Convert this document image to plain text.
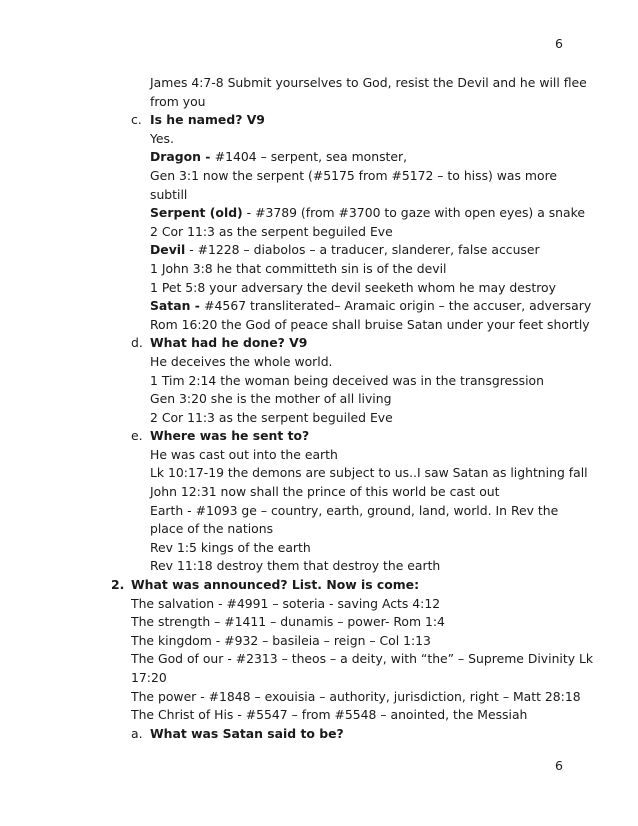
6
James 4:7-8 Submit yourselves to God, resist the Devil and he will flee
from you
c. Is he named? V9
Yes.
Dragon - #1404 – serpent, sea monster,
Gen 3:1 now the serpent (#5175 from #5172 – to hiss) was more
subtill
Serpent (old) - #3789 (from #3700 to gaze with open eyes) a snake
2 Cor 11:3 as the serpent beguiled Eve
Devil - #1228 – diabolos – a traducer, slanderer, false accuser
1 John 3:8 he that committeth sin is of the devil
1 Pet 5:8 your adversary the devil seeketh whom he may destroy
Satan - #4567 transliterated– Aramaic origin – the accuser, adversary
Rom 16:20 the God of peace shall bruise Satan under your feet shortly
d. What had he done? V9
He deceives the whole world.
1 Tim 2:14 the woman being deceived was in the transgression
Gen 3:20 she is the mother of all living
2 Cor 11:3 as the serpent beguiled Eve
e. Where was he sent to?
He was cast out into the earth
Lk 10:17-19 the demons are subject to us..I saw Satan as lightning fall
John 12:31 now shall the prince of this world be cast out
Earth - #1093 ge – country, earth, ground, land, world. In Rev the
place of the nations
Rev 1:5 kings of the earth
Rev 11:18 destroy them that destroy the earth
2. What was announced? List. Now is come:
The salvation - #4991 – soteria - saving Acts 4:12
The strength – #1411 – dunamis – power- Rom 1:4
The kingdom - #932 – basileia – reign – Col 1:13
The God of our - #2313 – theos – a deity, with “the” – Supreme Divinity Lk
17:20
The power - #1848 – exouisia – authority, jurisdiction, right – Matt 28:18
The Christ of His - #5547 – from #5548 – anointed, the Messiah
a. What was Satan said to be?
6
